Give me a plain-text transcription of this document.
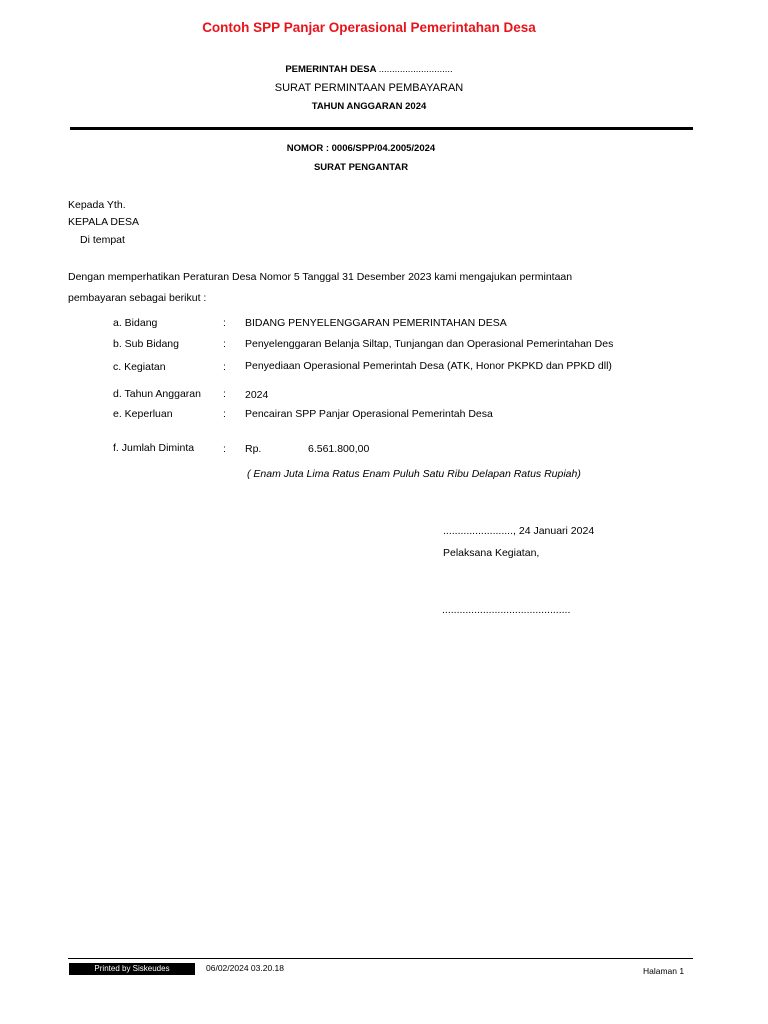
Contoh SPP Panjar Operasional Pemerintahan Desa
PEMERINTAH DESA ............................
SURAT PERMINTAAN PEMBAYARAN
TAHUN ANGGARAN 2024
NOMOR : 0006/SPP/04.2005/2024
SURAT PENGANTAR
Kepada Yth.
KEPALA DESA
Di tempat
Dengan memperhatikan Peraturan Desa Nomor 5 Tanggal 31 Desember 2023 kami mengajukan permintaan
pembayaran sebagai berikut :
a. Bidang	: BIDANG PENYELENGGARAN PEMERINTAHAN DESA
b. Sub Bidang	: Penyelenggaran Belanja Siltap, Tunjangan dan Operasional Pemerintahan Des
c. Kegiatan	: Penyediaan Operasional Pemerintah Desa (ATK, Honor PKPKD dan PPKD dll)
d. Tahun Anggaran : 2024
e. Keperluan	: Pencairan SPP Panjar Operasional Pemerintah Desa
f. Jumlah Diminta	: Rp.	6.561.800,00
( Enam Juta Lima Ratus Enam Puluh Satu Ribu Delapan Ratus Rupiah)
........................, 24 Januari 2024
Pelaksana Kegiatan,
............................................
Printed by Siskeudes	06/02/2024 03.20.18	Halaman 1
